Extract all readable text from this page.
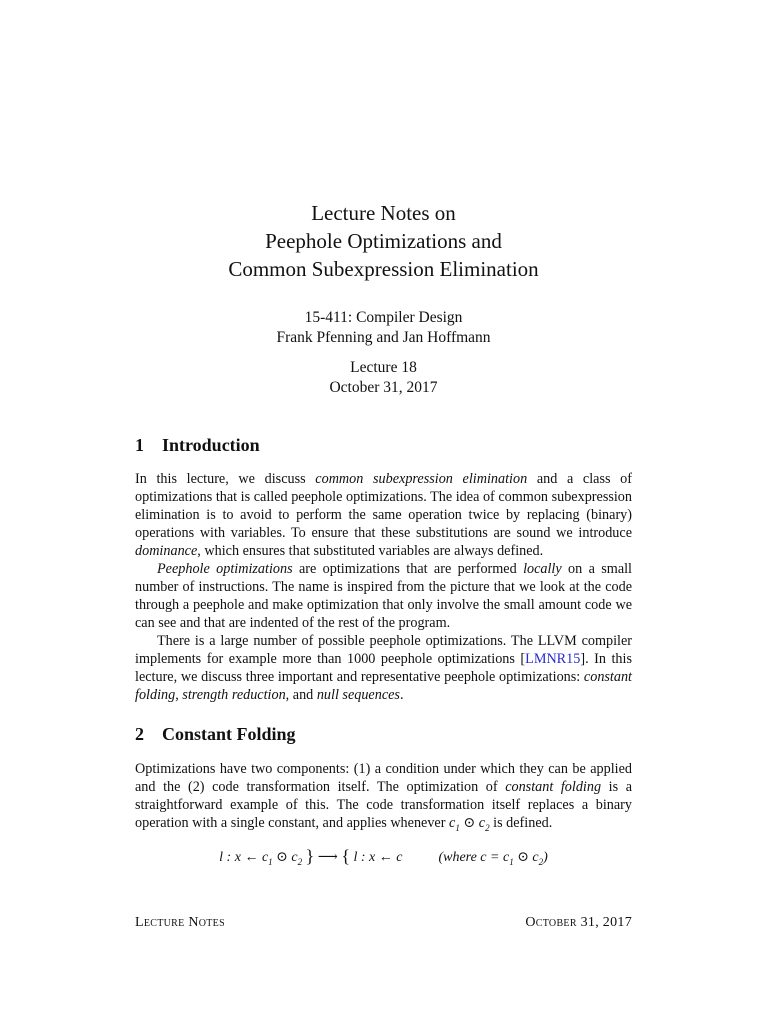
Lecture Notes on
Peephole Optimizations and
Common Subexpression Elimination
15-411: Compiler Design
Frank Pfenning and Jan Hoffmann
Lecture 18
October 31, 2017
1 Introduction

In this lecture, we discuss common subexpression elimination and a class of optimizations that is called peephole optimizations. The idea of common subexpression elimination is to avoid to perform the same operation twice by replacing (binary) operations with variables. To ensure that these substitutions are sound we introduce dominance, which ensures that substituted variables are always defined.

Peephole optimizations are optimizations that are performed locally on a small number of instructions. The name is inspired from the picture that we look at the code through a peephole and make optimization that only involve the small amount code we can see and that are indented of the rest of the program.

There is a large number of possible peephole optimizations. The LLVM compiler implements for example more than 1000 peephole optimizations [LMNR15]. In this lecture, we discuss three important and representative peephole optimizations: constant folding, strength reduction, and null sequences.

2 Constant Folding

Optimizations have two components: (1) a condition under which they can be applied and the (2) code transformation itself. The optimization of constant folding is a straightforward example of this. The code transformation itself replaces a binary operation with a single constant, and applies whenever $c_1$ ⊙ $c_2$ is defined.

l : x ← $c_1$ ⊙ $c_2$ } ⟶ { l : x ← c	(where $c = c_1$ ⊙ $c_2$)
Lecture Notes	October 31, 2017
